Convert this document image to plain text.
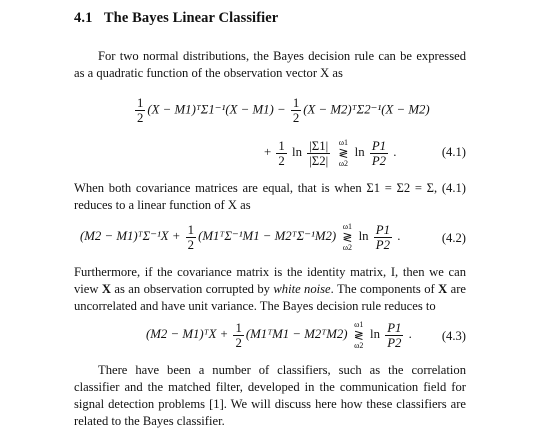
4.1 The Bayes Linear Classifier
For two normal distributions, the Bayes decision rule can be expressed as a quadratic function of the observation vector X as
$\frac{1}{2} (X$ − M1)ᵀΣ1⁻¹(X − $M1) - \frac{1}{2} (X$ − M2)ᵀΣ2⁻¹(X − M2)
+ $\frac{1}{2}$ $\ln \frac{|\Sigma 1|}{|\Sigma 2|}$
ω1
≷
ω2
$\ln \frac{P1}{P2}$ .	(4.1)
When both covariance matrices are equal, that is when Σ1 = Σ2 = Σ, (4.1) reduces to a linear function of X as
(M2 − M1)ᵀΣ⁻¹X + $\frac{1}{2}$ (M1ᵀΣ⁻¹M1 − M2ᵀΣ⁻¹M2)
ω1
≷
ω2
$\ln \frac{P1}{P2}$ .	(4.2)
Furthermore, if the covariance matrix is the identity matrix, I, then we can view X as an observation corrupted by white noise. The components of X are uncorrelated and have unit variance. The Bayes decision rule reduces to
(M2 − M1)ᵀX + $\frac{1}{2}$ (M1ᵀM1 − M2ᵀM2)
ω1
≷
ω2
$\ln \frac{P1}{P2}$ . (4.3)
There have been a number of classifiers, such as the correlation classifier and the matched filter, developed in the communication field for signal detection problems [1]. We will discuss here how these classifiers are related to the Bayes classifier.
